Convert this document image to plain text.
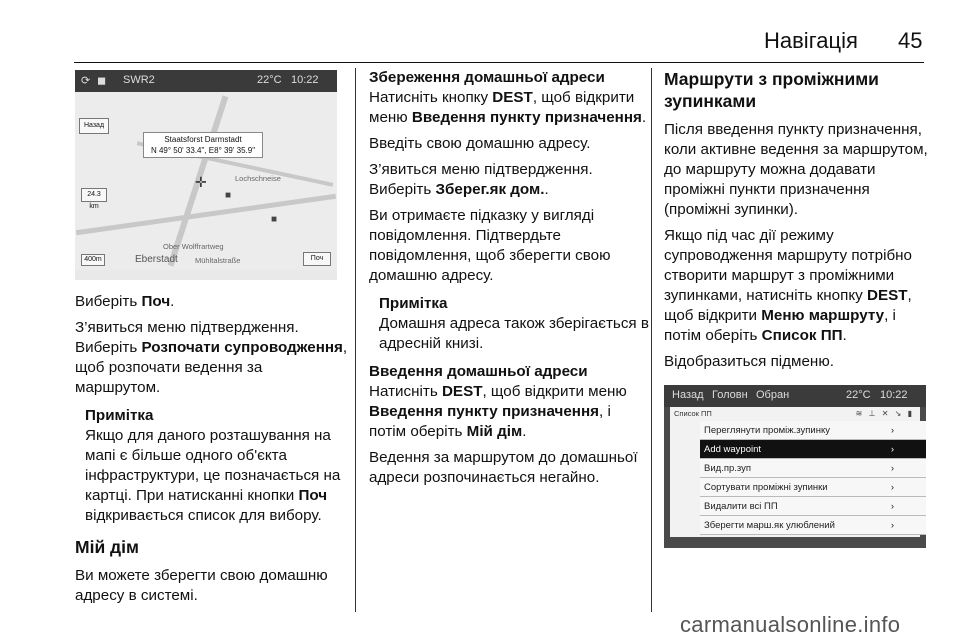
Навігація 45
⟳ ◼ SWR2	22°C 10:22
Назад
Staatsforst Darmstadt
N 49° 50' 33.4", E8° 39' 35.9"
24.3 km
400m	Поч
Eberstadt Mühltalstraße
Ober Wolffrartweg
Lochschneise
✛
■
■

Виберіть Поч.

З’явиться меню підтвердження.
Виберіть Розпочати супроводження, щоб розпочати ведення за маршрутом.

Примітка

Якщо для даного розташування на мапі є більше одного об'єкта інфраструктури, це позначається на картці. При натисканні кнопки Поч відкривається список для вибору.

Мій дім

Ви можете зберегти свою домашню адресу в системі.

Збереження домашньої адреси

Натисніть кнопку DEST, щоб відкрити меню Введення пункту призначення.

Введіть свою домашню адресу.

З’явиться меню підтвердження.
Виберіть Зберег.як дом..

Ви отримаєте підказку у вигляді повідомлення. Підтвердьте повідомлення, щоб зберегти свою домашню адресу.

Примітка

Домашня адреса також зберігається в адресній книзі.

Введення домашньої адреси

Натисніть DEST, щоб відкрити меню Введення пункту призначення, і потім оберіть Мій дім.

Ведення за маршрутом до домашньої адреси розпочинається негайно.

Маршрути з проміжними зупинками

Після введення пункту призначення, коли активне ведення за маршрутом, до маршруту можна додавати проміжні пункти призначення (проміжні зупинки).

Якщо під час дії режиму супроводження маршруту потрібно створити маршрут з проміжними зупинками, натисніть кнопку DEST, щоб відкрити Меню маршруту, і потім оберіть Список ПП.

Відобразиться підменю.

Назад Головн Обран	22°C 10:22
Список ПП	≋ ⊥ ✕ ↘ ▮
Переглянути проміж.зупинку	›
Add waypoint	›
Вид.пр.зуп	›
Сортувати проміжні зупинки	›
Видалити всі ПП	›
Зберегти марш.як улюблений	›
carmanualsonline.info
